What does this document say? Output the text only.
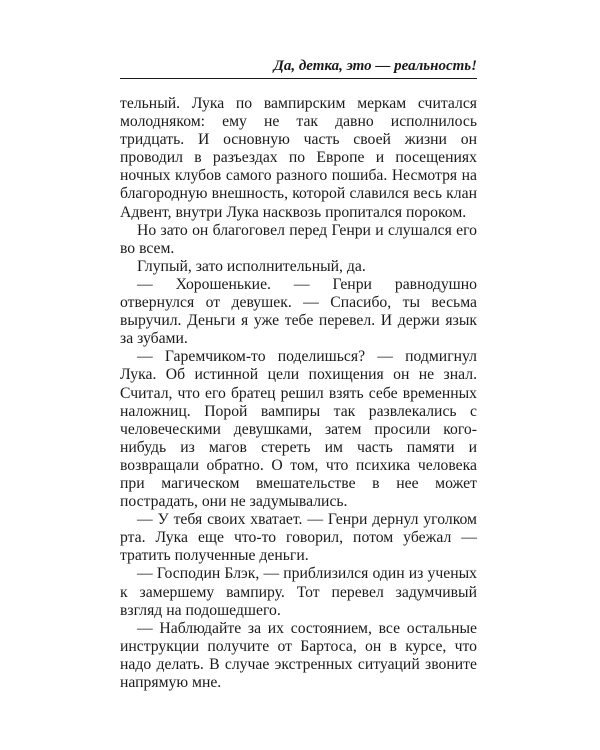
Да, детка, это — реальность!

тельный. Лука по вампирским меркам считался молодняком: ему не так давно исполнилось тридцать. И основную часть своей жизни он проводил в разъездах по Европе и посещениях ночных клубов самого разного пошиба. Несмотря на благородную внешность, которой славился весь клан Адвент, внутри Лука насквозь пропитался пороком.

Но зато он благоговел перед Генри и слушался его во всем.

Глупый, зато исполнительный, да.

— Хорошенькие. — Генри равнодушно отвернулся от девушек. — Спасибо, ты весьма выручил. Деньги я уже тебе перевел. И держи язык за зубами.

— Гаремчиком-то поделишься? — подмигнул Лука. Об истинной цели похищения он не знал. Считал, что его братец решил взять себе временных наложниц. Порой вампиры так развлекались с человеческими девушками, затем просили кого-нибудь из магов стереть им часть памяти и возвращали обратно. О том, что психика человека при магическом вмешательстве в нее может пострадать, они не задумывались.

— У тебя своих хватает. — Генри дернул уголком рта. Лука еще что-то говорил, потом убежал — тратить полученные деньги.

— Господин Блэк, — приблизился один из ученых к замершему вампиру. Тот перевел задумчивый взгляд на подошедшего.

— Наблюдайте за их состоянием, все остальные инструкции получите от Бартоса, он в курсе, что надо делать. В случае экстренных ситуаций звоните напрямую мне.
